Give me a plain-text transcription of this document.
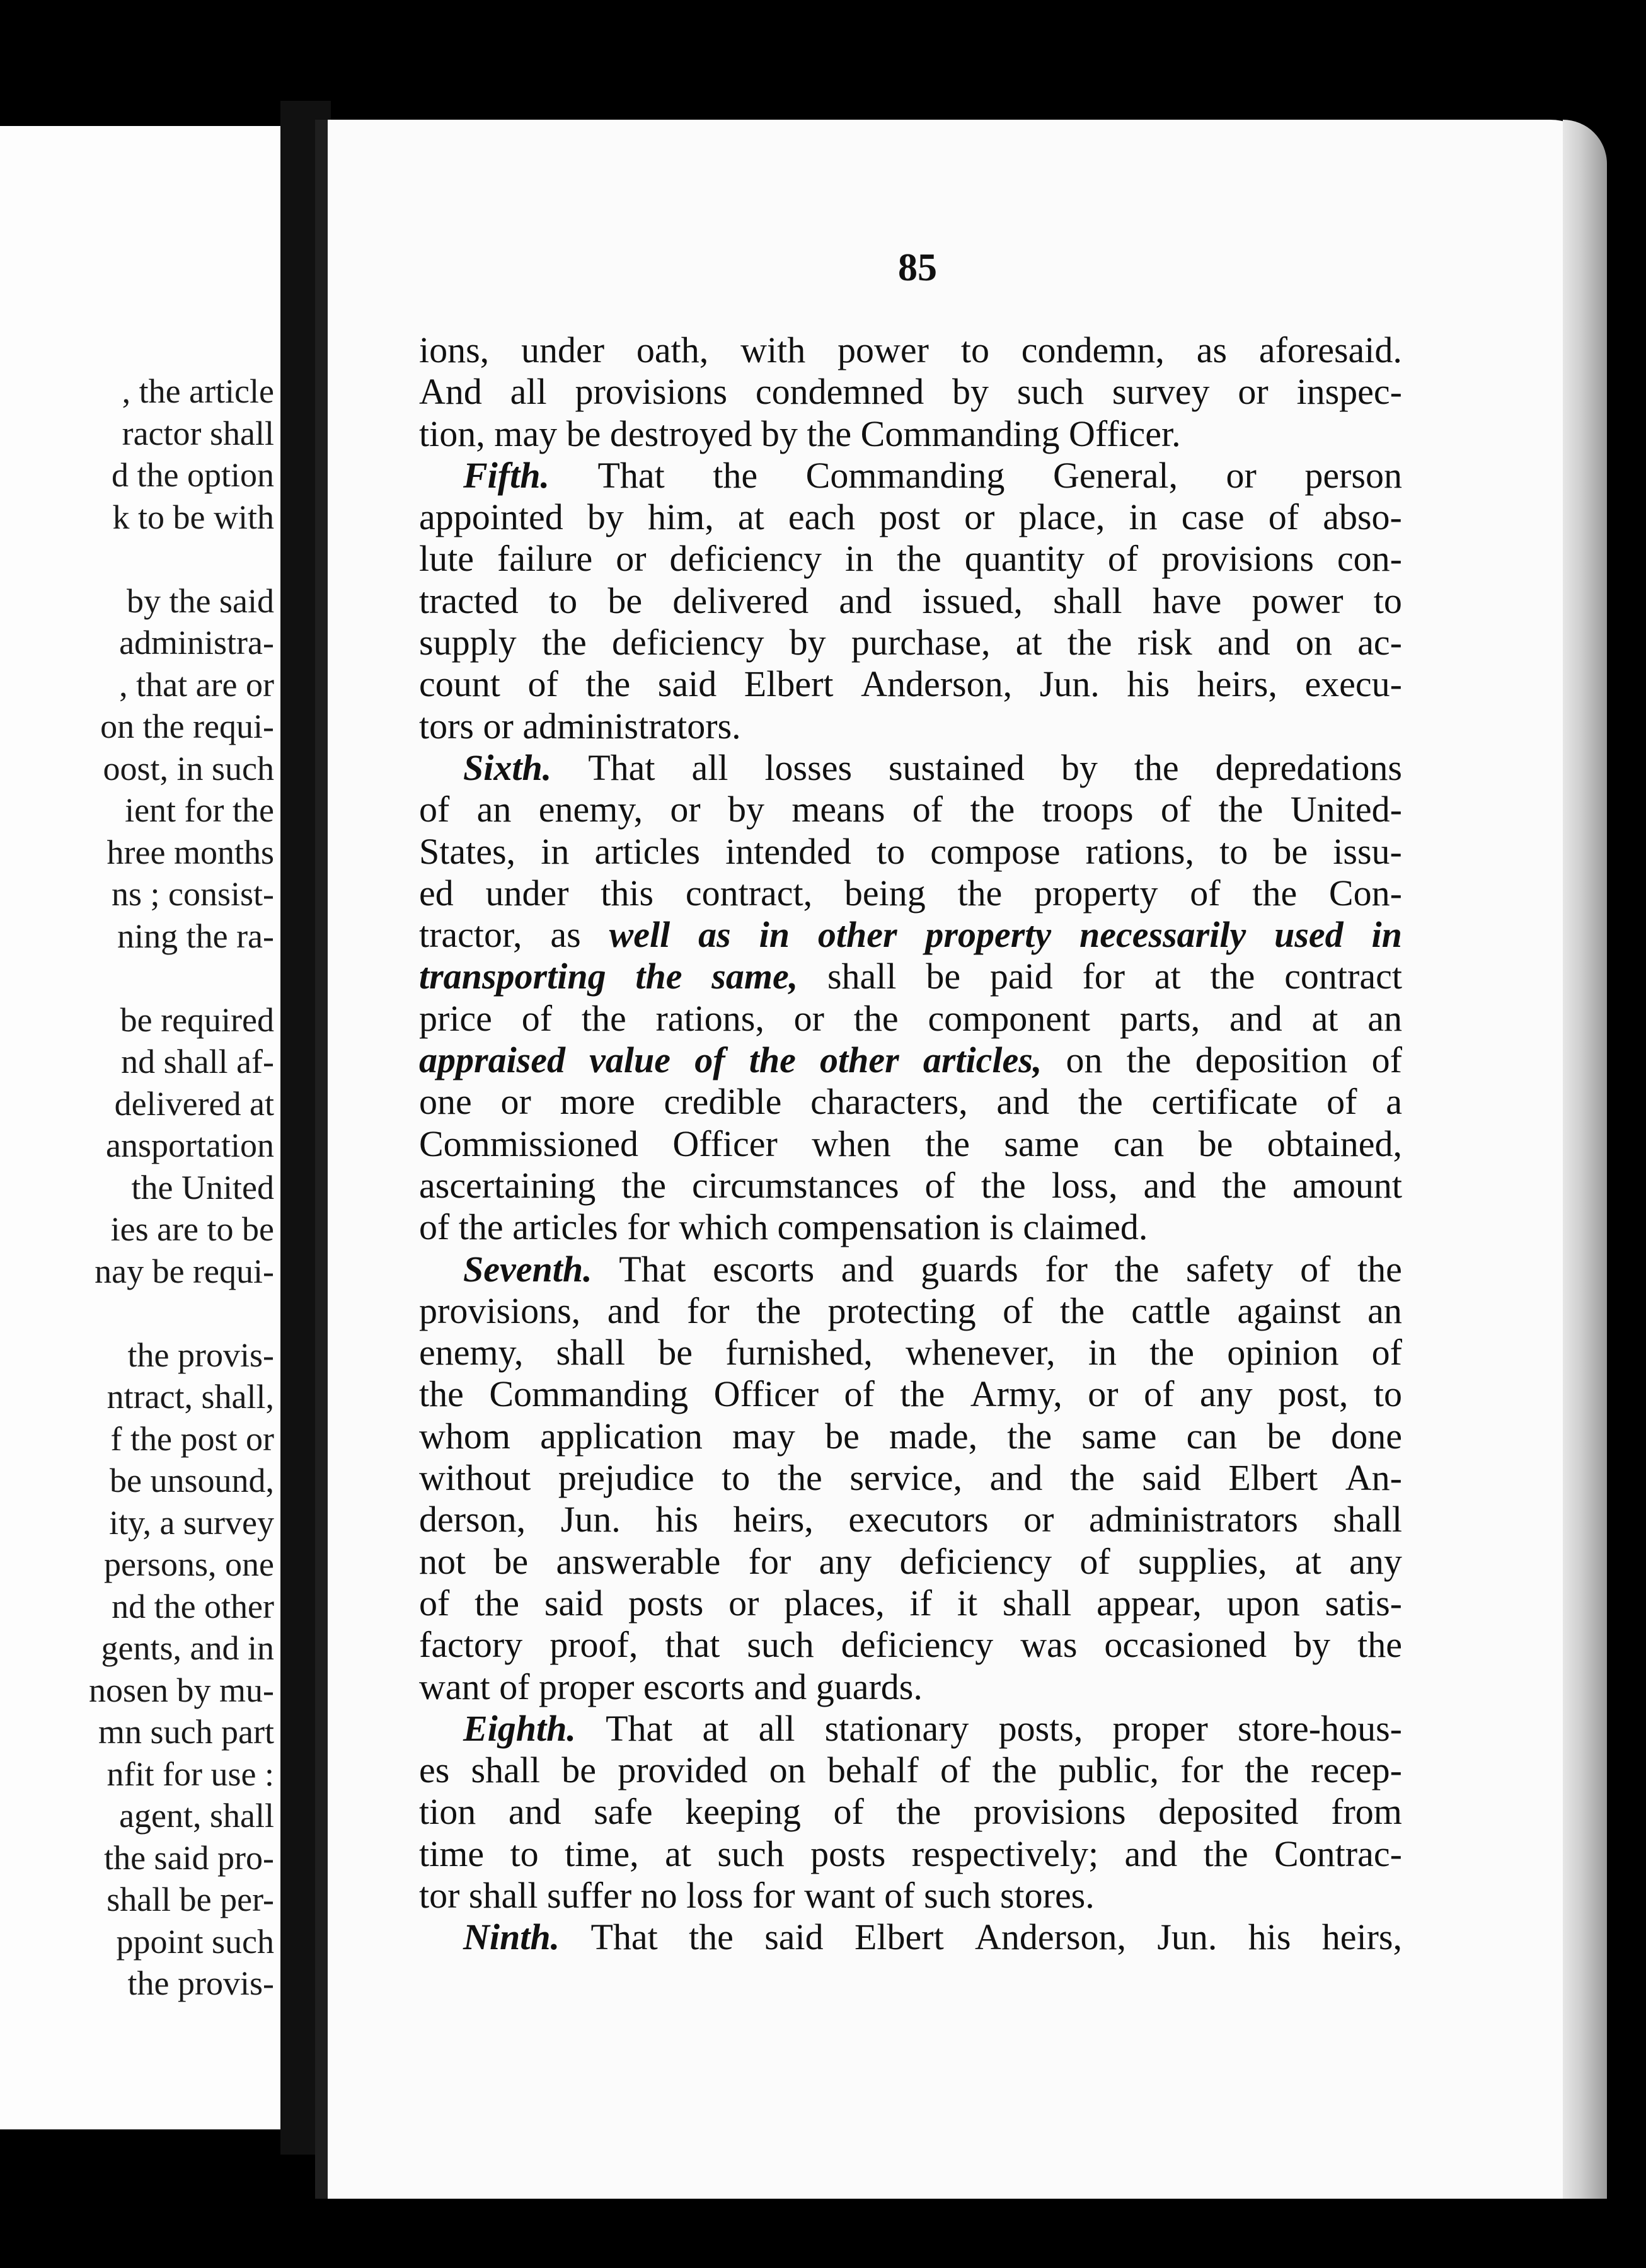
, the article
ractor shall
d the option
k to be with
by the said
administra-
, that are or
on the requi-
oost, in such
ient for the
hree months
ns ; consist-
ning the ra-
be required
nd shall af-
delivered at
ansportation
the United
ies are to be
nay be requi-
the provis-
ntract, shall,
f the post or
be unsound,
ity, a survey
persons, one
nd the other
gents, and in
nosen by mu-
mn such part
nfit for use :
agent, shall
the said pro-
shall be per-
ppoint such
the provis-
85
ions, under oath, with power to condemn, as aforesaid.
And all provisions condemned by such survey or inspec-
tion, may be destroyed by the Commanding Officer.
Fifth. That the Commanding General, or person
appointed by him, at each post or place, in case of abso-
lute failure or deficiency in the quantity of provisions con-
tracted to be delivered and issued, shall have power to
supply the deficiency by purchase, at the risk and on ac-
count of the said Elbert Anderson, Jun. his heirs, execu-
tors or administrators.
Sixth. That all losses sustained by the depredations
of an enemy, or by means of the troops of the United-
States, in articles intended to compose rations, to be issu-
ed under this contract, being the property of the Con-
tractor, as well as in other property necessarily used in
transporting the same, shall be paid for at the contract
price of the rations, or the component parts, and at an
appraised value of the other articles, on the deposition of
one or more credible characters, and the certificate of a
Commissioned Officer when the same can be obtained,
ascertaining the circumstances of the loss, and the amount
of the articles for which compensation is claimed.
Seventh. That escorts and guards for the safety of the
provisions, and for the protecting of the cattle against an
enemy, shall be furnished, whenever, in the opinion of
the Commanding Officer of the Army, or of any post, to
whom application may be made, the same can be done
without prejudice to the service, and the said Elbert An-
derson, Jun. his heirs, executors or administrators shall
not be answerable for any deficiency of supplies, at any
of the said posts or places, if it shall appear, upon satis-
factory proof, that such deficiency was occasioned by the
want of proper escorts and guards.
Eighth. That at all stationary posts, proper store-hous-
es shall be provided on behalf of the public, for the recep-
tion and safe keeping of the provisions deposited from
time to time, at such posts respectively; and the Contrac-
tor shall suffer no loss for want of such stores.
Ninth. That the said Elbert Anderson, Jun. his heirs,
